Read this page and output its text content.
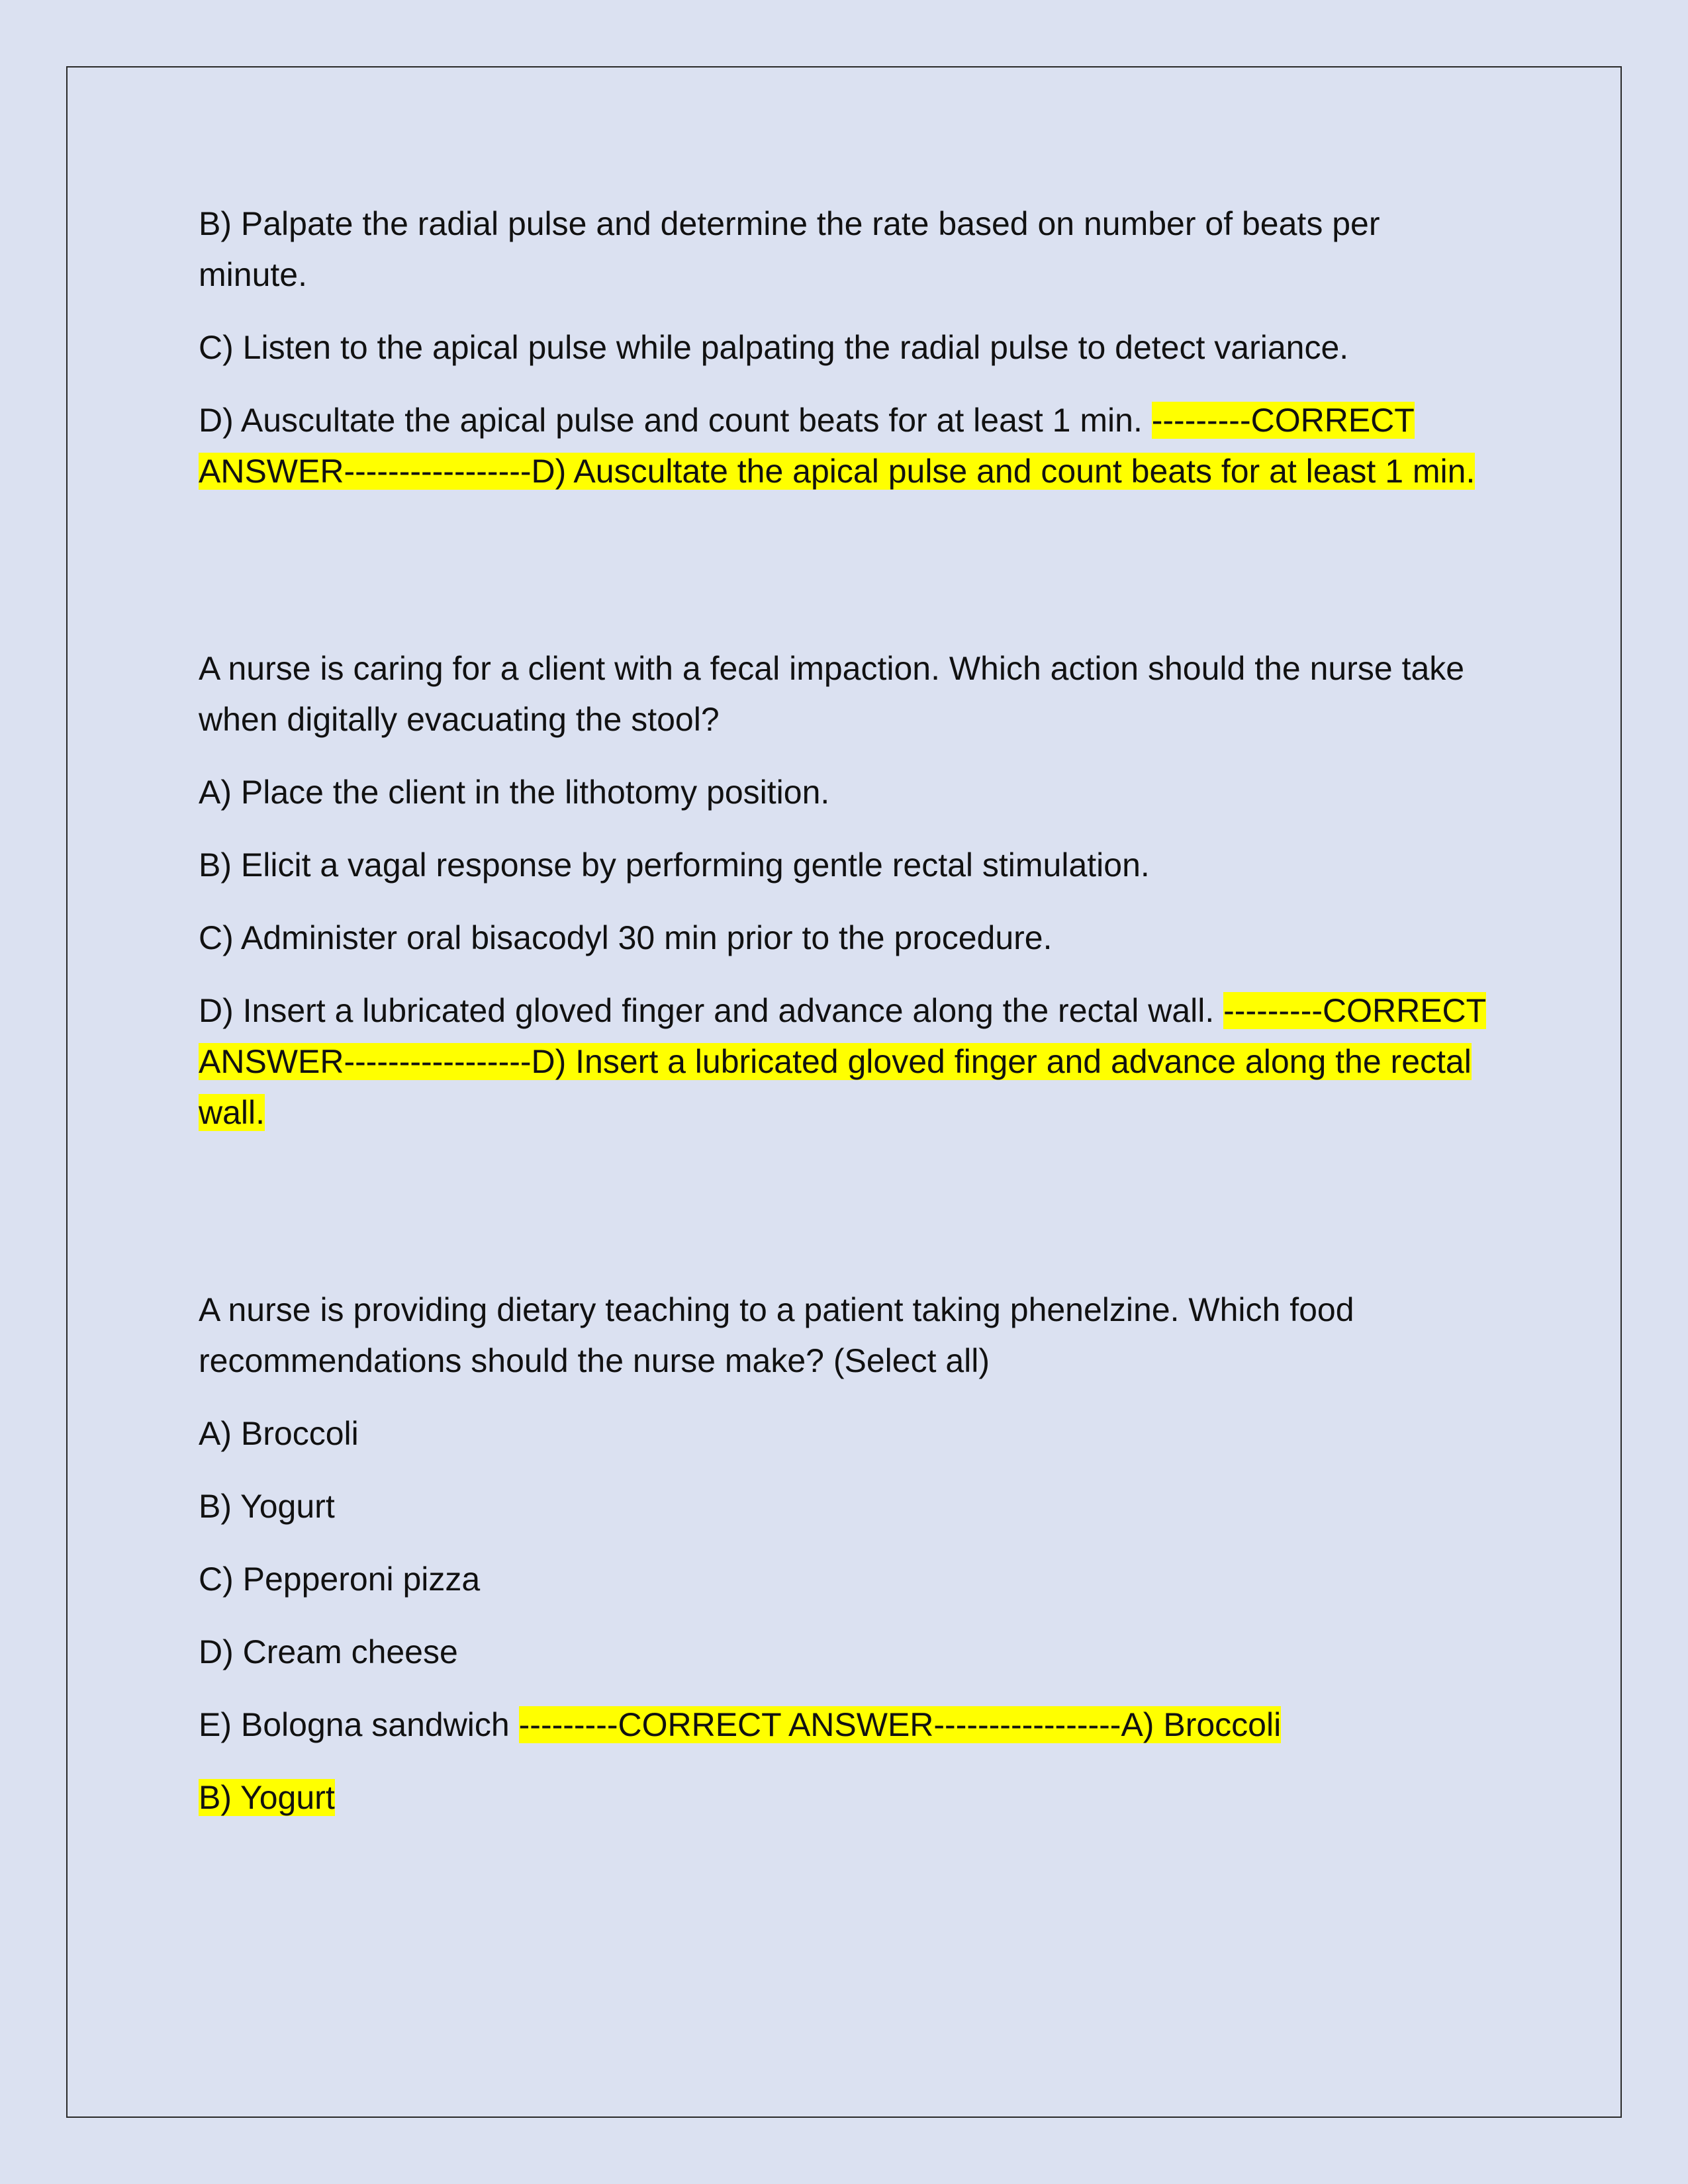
B) Palpate the radial pulse and determine the rate based on number of beats per minute.

C) Listen to the apical pulse while palpating the radial pulse to detect variance.

D) Auscultate the apical pulse and count beats for at least 1 min. ---------CORRECT ANSWER-----------------D) Auscultate the apical pulse and count beats for at least 1 min.

A nurse is caring for a client with a fecal impaction. Which action should the nurse take when digitally evacuating the stool?

A) Place the client in the lithotomy position.

B) Elicit a vagal response by performing gentle rectal stimulation.

C) Administer oral bisacodyl 30 min prior to the procedure.

D) Insert a lubricated gloved finger and advance along the rectal wall. ---------CORRECT ANSWER-----------------D) Insert a lubricated gloved finger and advance along the rectal wall.

A nurse is providing dietary teaching to a patient taking phenelzine. Which food recommendations should the nurse make? (Select all)

A) Broccoli

B) Yogurt

C) Pepperoni pizza

D) Cream cheese

E) Bologna sandwich ---------CORRECT ANSWER-----------------A) Broccoli

B) Yogurt
